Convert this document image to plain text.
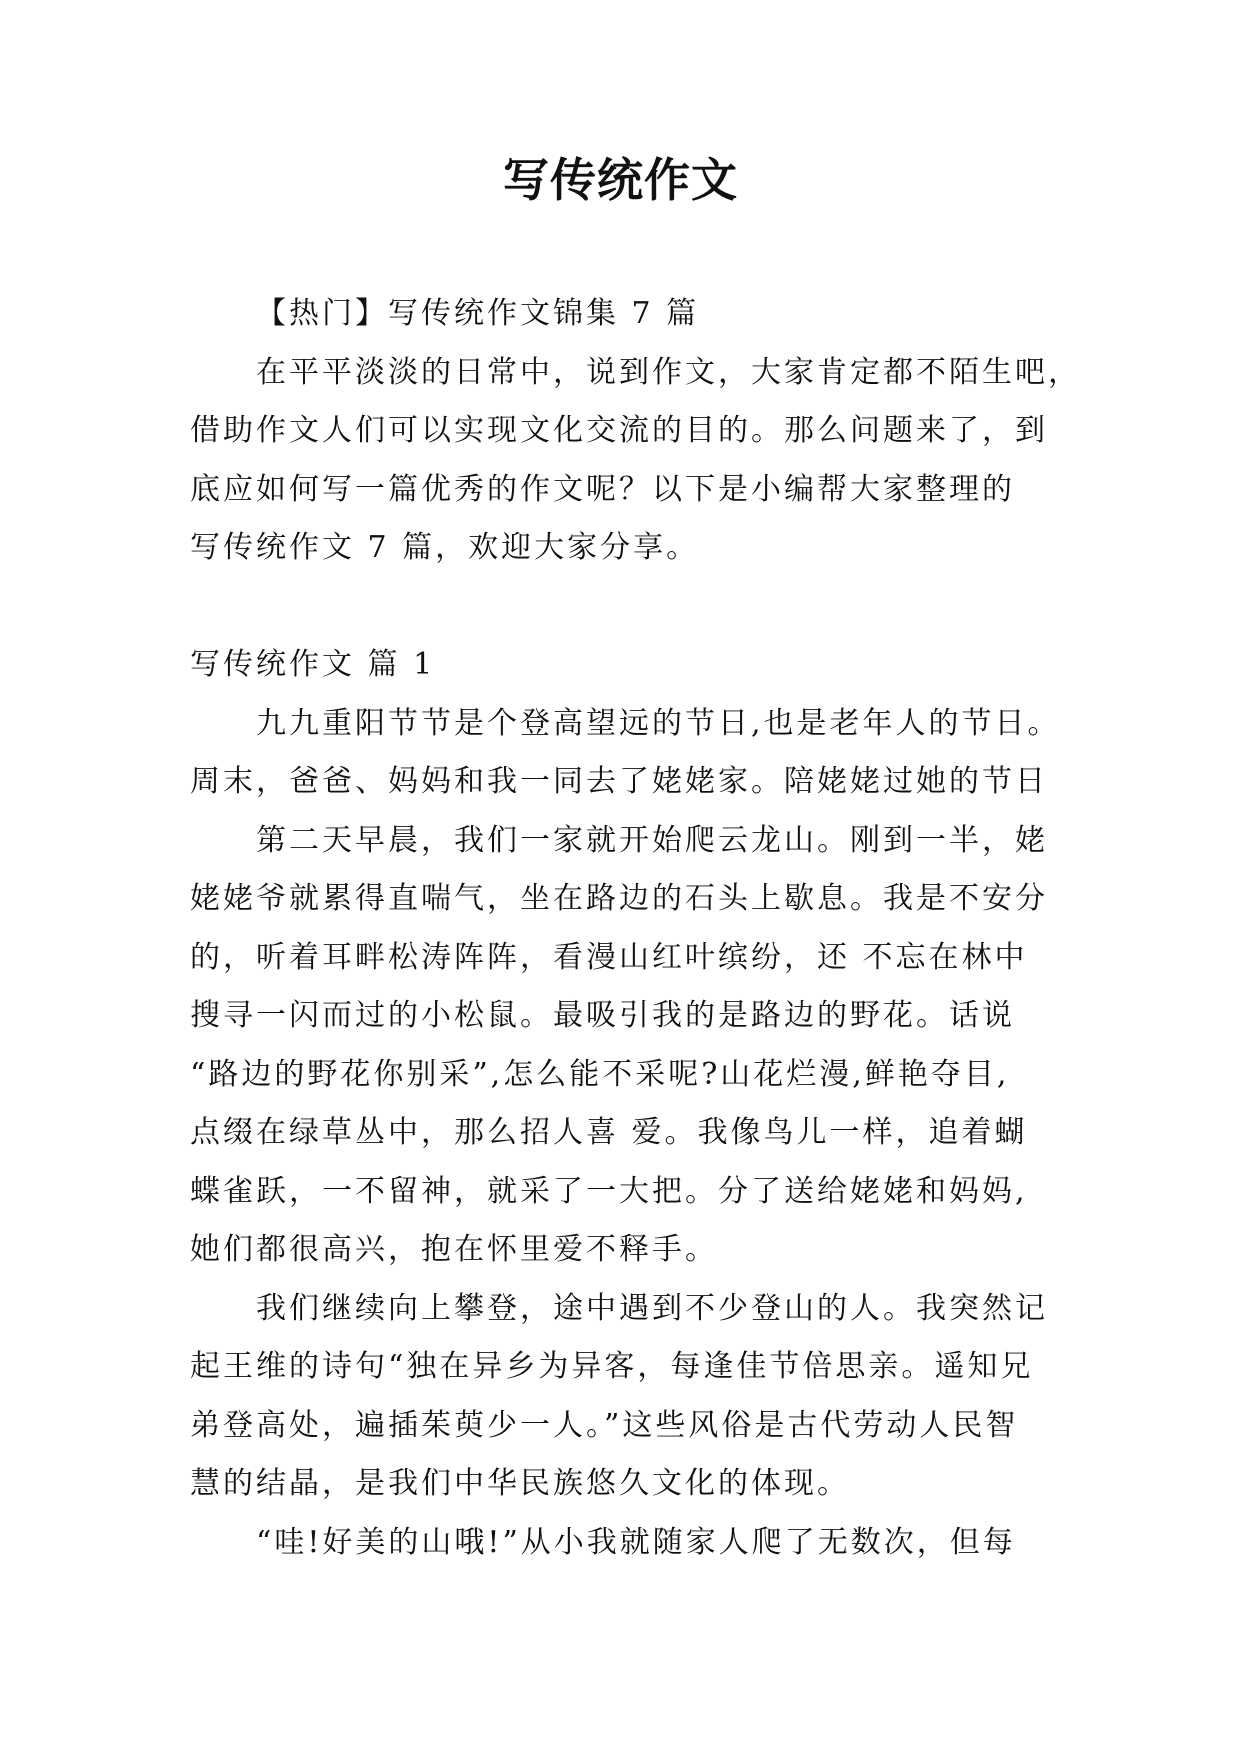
写传统作文
【热门】写传统作文锦集 7 篇
在平平淡淡的日常中，说到作文，大家肯定都不陌生吧，
借助作文人们可以实现文化交流的目的。那么问题来了，到
底应如何写一篇优秀的作文呢？以下是小编帮大家整理的
写传统作文 7 篇，欢迎大家分享。
写传统作文 篇 1
九九重阳节节是个登高望远的节日,也是老年人的节日。
周末，爸爸、妈妈和我一同去了姥姥家。陪姥姥过她的节日
第二天早晨，我们一家就开始爬云龙山。刚到一半，姥
姥姥爷就累得直喘气，坐在路边的石头上歇息。我是不安分
的，听着耳畔松涛阵阵，看漫山红叶缤纷，还 不忘在林中
搜寻一闪而过的小松鼠。最吸引我的是路边的野花。话说
“路边的野花你别采”,怎么能不采呢?山花烂漫,鲜艳夺目,
点缀在绿草丛中，那么招人喜 爱。我像鸟儿一样，追着蝴
蝶雀跃，一不留神，就采了一大把。分了送给姥姥和妈妈,
她们都很高兴，抱在怀里爱不释手。
我们继续向上攀登，途中遇到不少登山的人。我突然记
起王维的诗句“独在异乡为异客，每逢佳节倍思亲。遥知兄
弟登高处，遍插茱萸少一人。”这些风俗是古代劳动人民智
慧的结晶，是我们中华民族悠久文化的体现。
“哇!好美的山哦!”从小我就随家人爬了无数次，但每
